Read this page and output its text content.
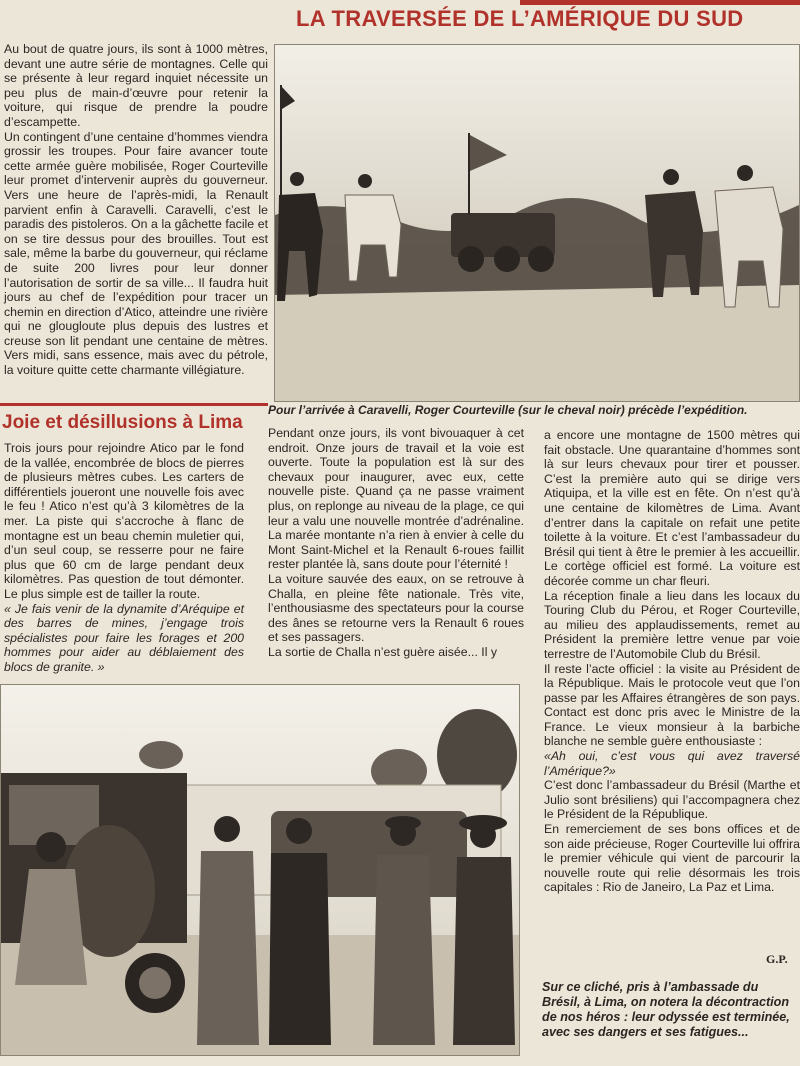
LA TRAVERSÉE DE L’AMÉRIQUE DU SUD

Au bout de quatre jours, ils sont à 1000 mètres, devant une autre série de montagnes. Celle qui se présente à leur regard inquiet nécessite un peu plus de main-d’œuvre pour retenir la voiture, qui risque de prendre la poudre d’escampette.

Un contingent d’une centaine d’hommes viendra grossir les troupes. Pour faire avancer toute cette armée guère mobilisée, Roger Courteville leur promet d’intervenir auprès du gouverneur. Vers une heure de l’après-midi, la Renault parvient enfin à Caravelli. Caravelli, c’est le paradis des pistoleros. On a la gâchette facile et on se tire dessus pour des brouilles. Tout est sale, même la barbe du gouverneur, qui réclame de suite 200 livres pour leur donner l’autorisation de sortir de sa ville... Il faudra huit jours au chef de l’expédition pour tracer un chemin en direction d’Atico, atteindre une rivière qui ne glougloute plus depuis des lustres et creuse son lit pendant une centaine de mètres. Vers midi, sans essence, mais avec du pétrole, la voiture quitte cette charmante villégiature.

Pour l’arrivée à Caravelli, Roger Courteville (sur le cheval noir) précède l’expédition.
Joie et désillusions à Lima

Trois jours pour rejoindre Atico par le fond de la vallée, encombrée de blocs de pierres de plusieurs mètres cubes. Les carters de différentiels joueront une nouvelle fois avec le feu ! Atico n’est qu’à 3 kilomètres de la mer. La piste qui s’accroche à flanc de montagne est un beau chemin muletier qui, d’un seul coup, se resserre pour ne faire plus que 60 cm de large pendant deux kilomètres. Pas question de tout démonter. Le plus simple est de tailler la route.

« Je fais venir de la dynamite d’Aréquipe et des barres de mines, j’engage trois spécialistes pour faire les forages et 200 hommes pour aider au déblaiement des blocs de granite. »

Pendant onze jours, ils vont bivouaquer à cet endroit. Onze jours de travail et la voie est ouverte. Toute la population est là sur des chevaux pour inaugurer, avec eux, cette nouvelle piste. Quand ça ne passe vraiment plus, on replonge au niveau de la plage, ce qui leur a valu une nouvelle montrée d’adrénaline. La marée montante n’a rien à envier à celle du Mont Saint-Michel et la Renault 6-roues faillit rester plantée là, sans doute pour l’éternité !

La voiture sauvée des eaux, on se retrouve à Challa, en pleine fête nationale. Très vite, l’enthousiasme des spectateurs pour la course des ânes se retourne vers la Renault 6 roues et ses passagers.

La sortie de Challa n’est guère aisée... Il y

a encore une montagne de 1500 mètres qui fait obstacle. Une quarantaine d’hommes sont là sur leurs chevaux pour tirer et pousser. C’est la première auto qui se dirige vers Atiquipa, et la ville est en fête. On n’est qu’à une centaine de kilomètres de Lima. Avant d’entrer dans la capitale on refait une petite toilette à la voiture. Et c’est l’ambassadeur du Brésil qui tient à être le premier à les accueillir. Le cortège officiel est formé. La voiture est décorée comme un char fleuri.

La réception finale a lieu dans les locaux du Touring Club du Pérou, et Roger Courteville, au milieu des applaudissements, remet au Président la première lettre venue par voie terrestre de l’Automobile Club du Brésil.

Il reste l’acte officiel : la visite au Président de la République. Mais le protocole veut que l’on passe par les Affaires étrangères de son pays. Contact est donc pris avec le Ministre de la France. Le vieux monsieur à la barbiche blanche ne semble guère enthousiaste :

«Ah oui, c’est vous qui avez traversé l’Amérique?»

C’est donc l’ambassadeur du Brésil (Marthe et Julio sont brésiliens) qui l’accompagnera chez le Président de la République.

En remerciement de ses bons offices et de son aide précieuse, Roger Courteville lui offrira le premier véhicule qui vient de parcourir la nouvelle route qui relie désormais les trois capitales : Rio de Janeiro, La Paz et Lima.

G.P.
Sur ce cliché, pris à l’ambassade du Brésil, à Lima, on notera la décontraction de nos héros : leur odyssée est terminée, avec ses dangers et ses fatigues...
